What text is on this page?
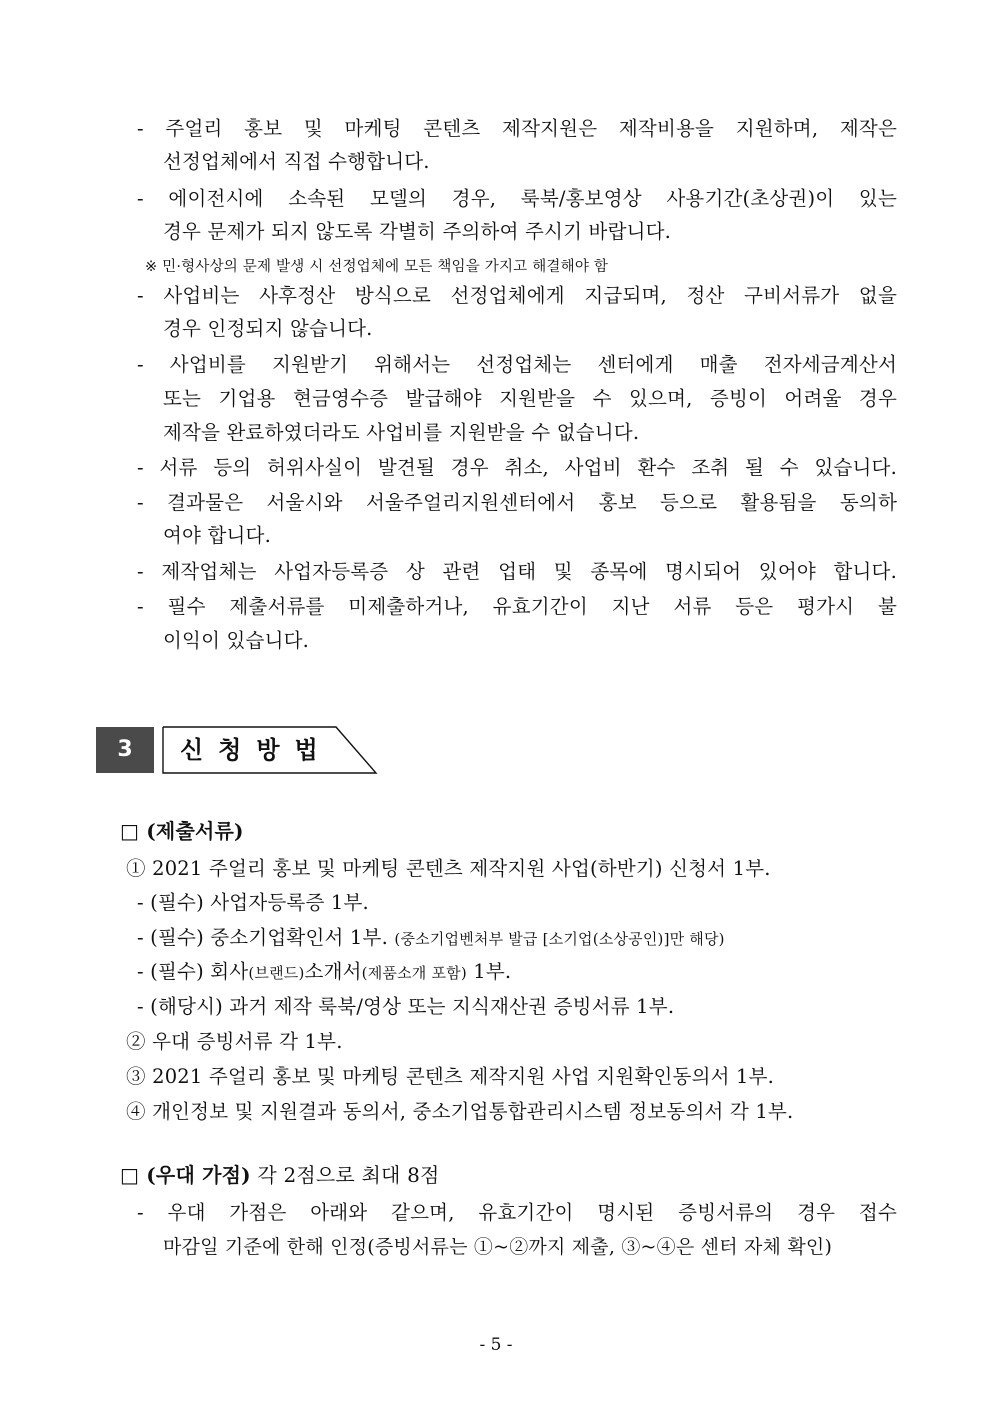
- 주얼리 홍보 및 마케팅 콘텐츠 제작지원은 제작비용을 지원하며, 제작은
선정업체에서 직접 수행합니다.
- 에이전시에 소속된 모델의 경우, 룩북/홍보영상 사용기간(초상권)이 있는
경우 문제가 되지 않도록 각별히 주의하여 주시기 바랍니다.
※ 민·형사상의 문제 발생 시 선정업체에 모든 책임을 가지고 해결해야 함
- 사업비는 사후정산 방식으로 선정업체에게 지급되며, 정산 구비서류가 없을
경우 인정되지 않습니다.
- 사업비를 지원받기 위해서는 선정업체는 센터에게 매출 전자세금계산서
또는 기업용 현금영수증 발급해야 지원받을 수 있으며, 증빙이 어려울 경우
제작을 완료하였더라도 사업비를 지원받을 수 없습니다.
- 서류 등의 허위사실이 발견될 경우 취소, 사업비 환수 조취 될 수 있습니다.
- 결과물은 서울시와 서울주얼리지원센터에서 홍보 등으로 활용됨을 동의하
여야 합니다.
- 제작업체는 사업자등록증 상 관련 업태 및 종목에 명시되어 있어야 합니다.
- 필수 제출서류를 미제출하거나, 유효기간이 지난 서류 등은 평가시 불
이익이 있습니다.
3	신청방법
□ (제출서류)
① 2021 주얼리 홍보 및 마케팅 콘텐츠 제작지원 사업(하반기) 신청서 1부.
- (필수) 사업자등록증 1부.
- (필수) 중소기업확인서 1부. (중소기업벤처부 발급 [소기업(소상공인)]만 해당)
- (필수) 회사(브랜드)소개서(제품소개 포함) 1부.
- (해당시) 과거 제작 룩북/영상 또는 지식재산권 증빙서류 1부.
② 우대 증빙서류 각 1부.
③ 2021 주얼리 홍보 및 마케팅 콘텐츠 제작지원 사업 지원확인동의서 1부.
④ 개인정보 및 지원결과 동의서, 중소기업통합관리시스템 정보동의서 각 1부.
□ (우대 가점) 각 2점으로 최대 8점
- 우대 가점은 아래와 같으며, 유효기간이 명시된 증빙서류의 경우 접수
마감일 기준에 한해 인정(증빙서류는 ①~②까지 제출, ③~④은 센터 자체 확인)
- 5 -
